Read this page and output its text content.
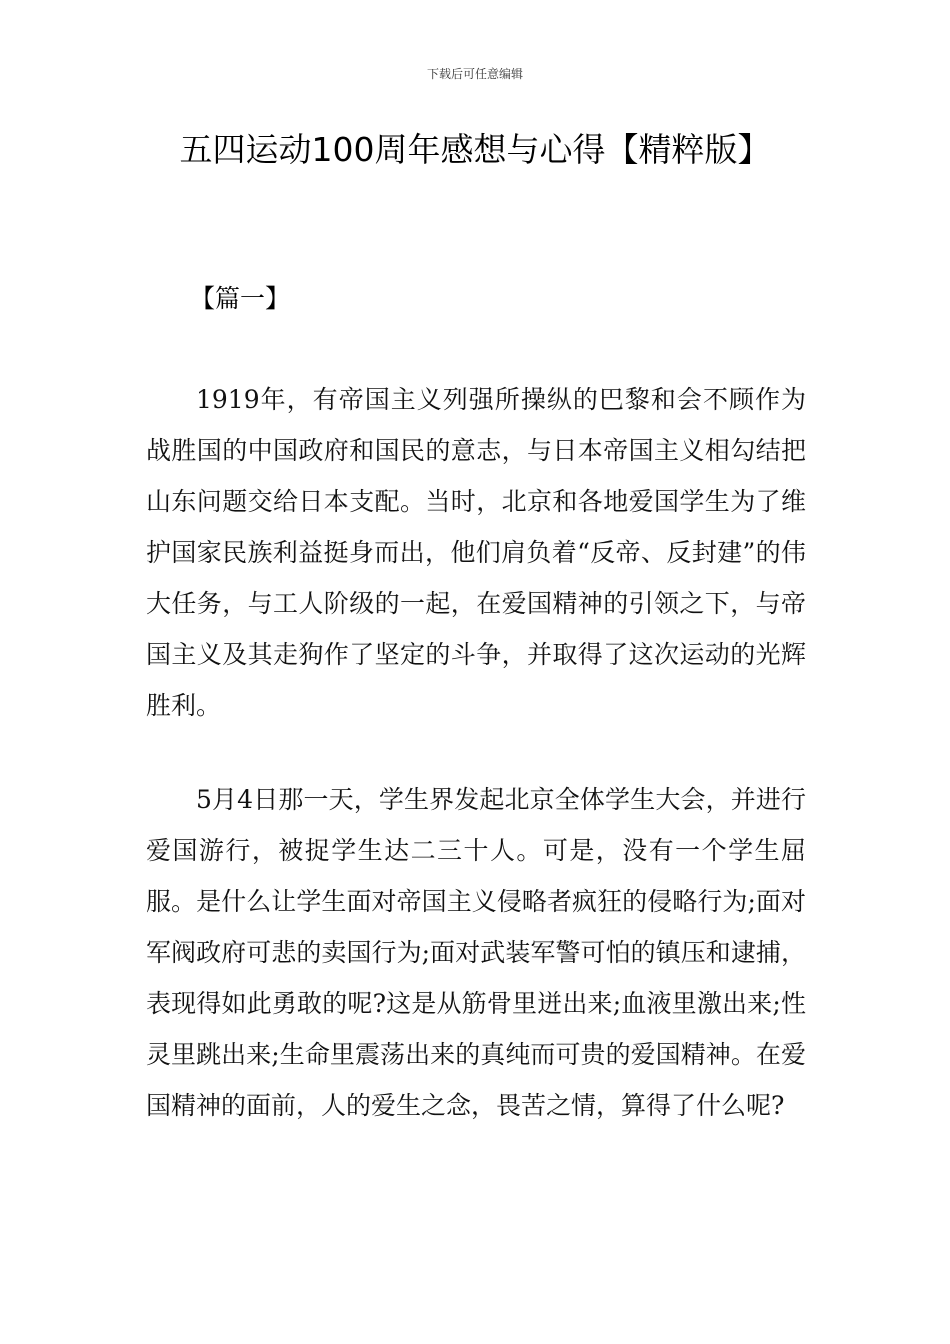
下载后可任意编辑
五四运动100周年感想与心得【精粹版】
【篇一】

1919年，有帝国主义列强所操纵的巴黎和会不顾作为战胜国的中国政府和国民的意志，与日本帝国主义相勾结把山东问题交给日本支配。当时，北京和各地爱国学生为了维护国家民族利益挺身而出，他们肩负着“反帝、反封建”的伟大任务，与工人阶级的一起，在爱国精神的引领之下，与帝国主义及其走狗作了坚定的斗争，并取得了这次运动的光辉胜利。

5月4日那一天，学生界发起北京全体学生大会，并进行爱国游行，被捉学生达二三十人。可是，没有一个学生屈服。是什么让学生面对帝国主义侵略者疯狂的侵略行为;面对军阀政府可悲的卖国行为;面对武装军警可怕的镇压和逮捕，表现得如此勇敢的呢?这是从筋骨里迸出来;血液里激出来;性灵里跳出来;生命里震荡出来的真纯而可贵的爱国精神。在爱国精神的面前，人的爱生之念，畏苦之情，算得了什么呢?
